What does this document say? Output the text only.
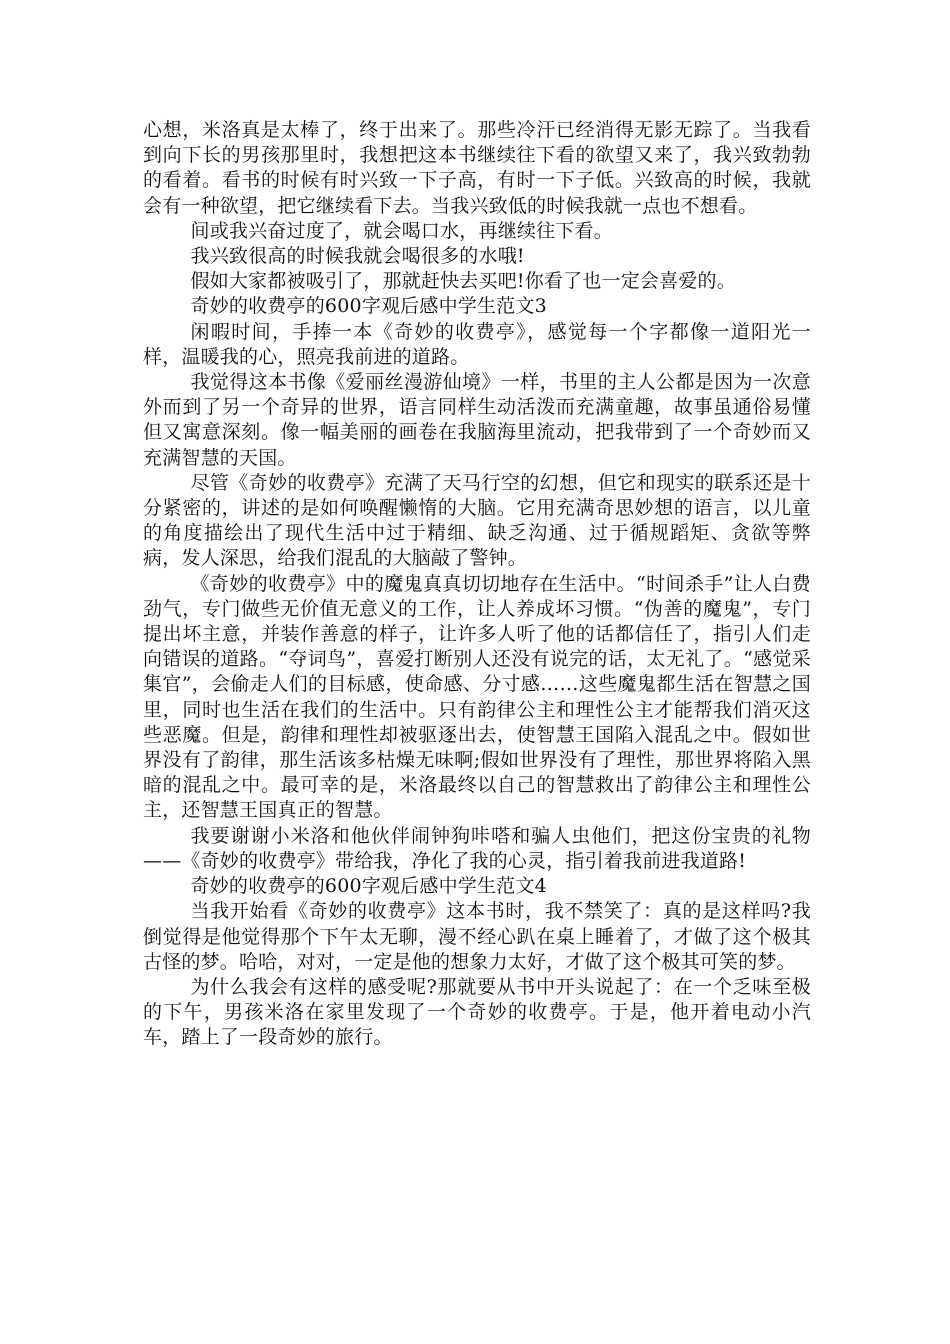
心想，米洛真是太棒了，终于出来了。那些冷汗已经消得无影无踪了。当我看到向下长的男孩那里时，我想把这本书继续往下看的欲望又来了，我兴致勃勃的看着。看书的时候有时兴致一下子高，有时一下子低。兴致高的时候，我就会有一种欲望，把它继续看下去。当我兴致低的时候我就一点也不想看。

间或我兴奋过度了，就会喝口水，再继续往下看。

我兴致很高的时候我就会喝很多的水哦!

假如大家都被吸引了，那就赶快去买吧!你看了也一定会喜爱的。

奇妙的收费亭的600字观后感中学生范文3

闲暇时间，手捧一本《奇妙的收费亭》，感觉每一个字都像一道阳光一样，温暖我的心，照亮我前进的道路。

我觉得这本书像《爱丽丝漫游仙境》一样，书里的主人公都是因为一次意外而到了另一个奇异的世界，语言同样生动活泼而充满童趣，故事虽通俗易懂但又寓意深刻。像一幅美丽的画卷在我脑海里流动，把我带到了一个奇妙而又充满智慧的天国。

尽管《奇妙的收费亭》充满了天马行空的幻想，但它和现实的联系还是十分紧密的，讲述的是如何唤醒懒惰的大脑。它用充满奇思妙想的语言，以儿童的角度描绘出了现代生活中过于精细、缺乏沟通、过于循规蹈矩、贪欲等弊病，发人深思，给我们混乱的大脑敲了警钟。

《奇妙的收费亭》中的魔鬼真真切切地存在生活中。“时间杀手”让人白费劲气，专门做些无价值无意义的工作，让人养成坏习惯。“伪善的魔鬼”，专门提出坏主意，并装作善意的样子，让许多人听了他的话都信任了，指引人们走向错误的道路。“夺词鸟”，喜爱打断别人还没有说完的话，太无礼了。“感觉采集官”，会偷走人们的目标感，使命感、分寸感……这些魔鬼都生活在智慧之国里，同时也生活在我们的生活中。只有韵律公主和理性公主才能帮我们消灭这些恶魔。但是，韵律和理性却被驱逐出去，使智慧王国陷入混乱之中。假如世界没有了韵律，那生活该多枯燥无味啊;假如世界没有了理性，那世界将陷入黑暗的混乱之中。最可幸的是，米洛最终以自己的智慧救出了韵律公主和理性公主，还智慧王国真正的智慧。

我要谢谢小米洛和他伙伴闹钟狗咔嗒和骗人虫他们，把这份宝贵的礼物——《奇妙的收费亭》带给我，净化了我的心灵，指引着我前进我道路!

奇妙的收费亭的600字观后感中学生范文4

当我开始看《奇妙的收费亭》这本书时，我不禁笑了：真的是这样吗?我倒觉得是他觉得那个下午太无聊，漫不经心趴在桌上睡着了，才做了这个极其古怪的梦。哈哈，对对，一定是他的想象力太好，才做了这个极其可笑的梦。

为什么我会有这样的感受呢?那就要从书中开头说起了：在一个乏味至极的下午，男孩米洛在家里发现了一个奇妙的收费亭。于是，他开着电动小汽车，踏上了一段奇妙的旅行。
